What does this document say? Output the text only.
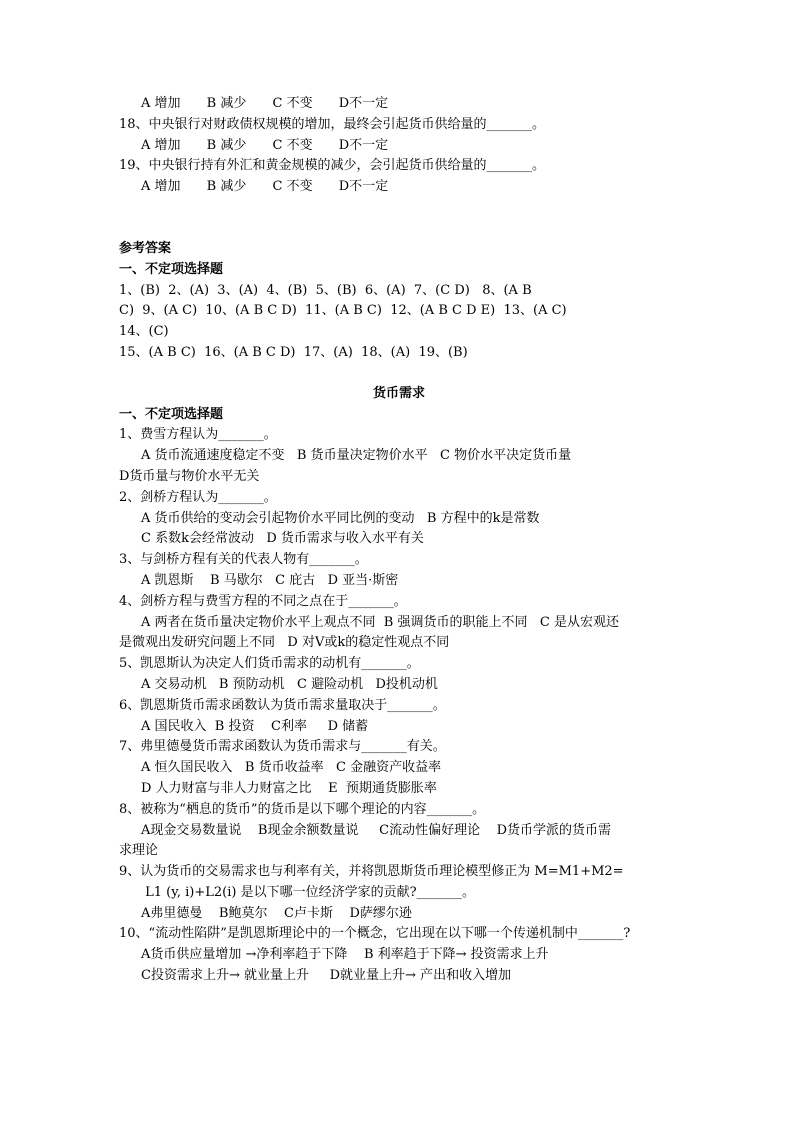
A 增加 B 减少 C 不变 D不一定
18、中央银行对财政债权规模的增加，最终会引起货币供给量的_______。
A 增加 B 减少 C 不变 D不一定
19、中央银行持有外汇和黄金规模的减少，会引起货币供给量的_______。
A 增加 B 减少 C 不变 D不一定
参考答案
一、不定项选择题
1、(B)  2、(A)  3、(A)  4、(B)  5、(B)  6、(A)  7、(C D)   8、(A B
C)  9、(A C)  10、(A B C D)  11、(A B C)  12、(A B C D E)  13、(A C)
14、(C)
15、(A B C)  16、(A B C D)  17、(A)  18、(A)  19、(B)
货币需求
一、不定项选择题
1、费雪方程认为_______。
A 货币流通速度稳定不变   B 货币量决定物价水平   C 物价水平决定货币量
D货币量与物价水平无关
2、剑桥方程认为_______。
A 货币供给的变动会引起物价水平同比例的变动   B 方程中的k是常数
C 系数k会经常波动   D 货币需求与收入水平有关
3、与剑桥方程有关的代表人物有_______。
A 凯恩斯    B 马歇尔   C 庇古   D 亚当·斯密
4、剑桥方程与费雪方程的不同之点在于_______。
A 两者在货币量决定物价水平上观点不同  B 强调货币的职能上不同   C 是从宏观还
是微观出发研究问题上不同   D 对V或k的稳定性观点不同
5、凯恩斯认为决定人们货币需求的动机有_______。
A 交易动机   B 预防动机   C 避险动机   D投机动机
6、凯恩斯货币需求函数认为货币需求量取决于_______。
A 国民收入  B 投资    C利率     D 储蓄
7、弗里德曼货币需求函数认为货币需求与_______有关。
A 恒久国民收入   B 货币收益率   C 金融资产收益率
D 人力财富与非人力财富之比    E  预期通货膨胀率
8、被称为“栖息的货币”的货币是以下哪个理论的内容_______。
A现金交易数量说    B现金余额数量说     C流动性偏好理论    D货币学派的货币需
求理论
9、认为货币的交易需求也与利率有关，并将凯恩斯货币理论模型修正为 M=M1+M2=
L1 (y, i)+L2(i) 是以下哪一位经济学家的贡献?_______。
A弗里德曼    B鲍莫尔    C卢卡斯    D萨缪尔逊
10、“流动性陷阱”是凯恩斯理论中的一个概念，它出现在以下哪一个传递机制中_______?
A货币供应量增加 →净利率趋于下降    B 利率趋于下降→ 投资需求上升
C投资需求上升→ 就业量上升     D就业量上升→ 产出和收入增加
